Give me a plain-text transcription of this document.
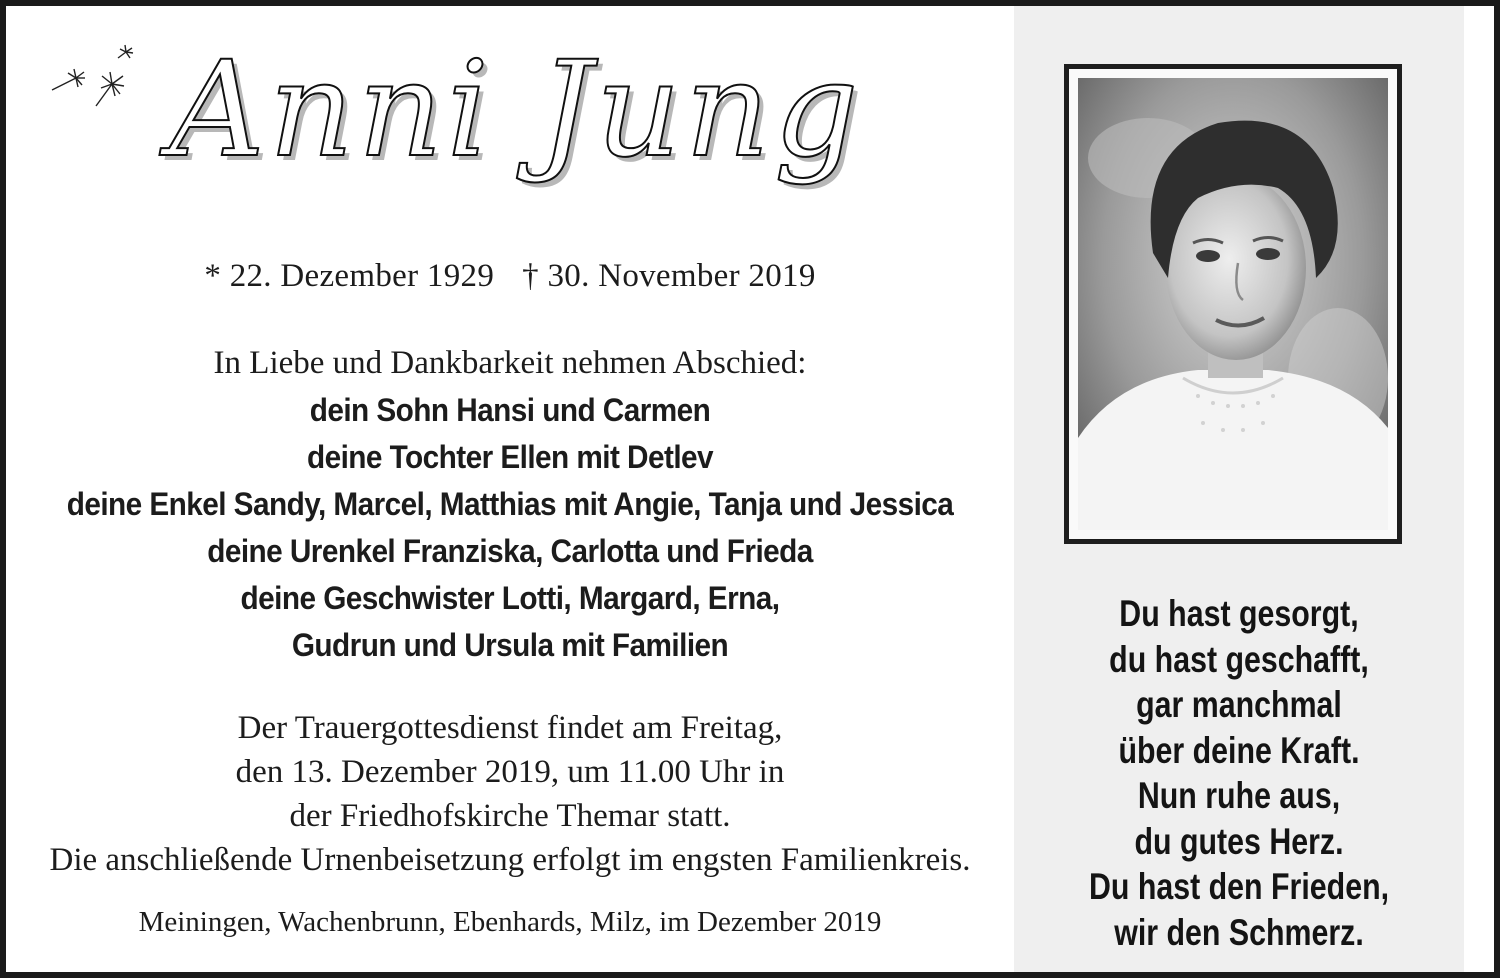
Anni Jung
* 22. Dezember 1929 † 30. November 2019
In Liebe und Dankbarkeit nehmen Abschied:
dein Sohn Hansi und Carmen
deine Tochter Ellen mit Detlev
deine Enkel Sandy, Marcel, Matthias mit Angie, Tanja und Jessica
deine Urenkel Franziska, Carlotta und Frieda
deine Geschwister Lotti, Margard, Erna,
Gudrun und Ursula mit Familien
Der Trauergottesdienst findet am Freitag,
den 13. Dezember 2019, um 11.00 Uhr in
der Friedhofskirche Themar statt.
Die anschließende Urnenbeisetzung erfolgt im engsten Familienkreis.
Meiningen, Wachenbrunn, Ebenhards, Milz, im Dezember 2019
Du hast gesorgt,
du hast geschafft,
gar manchmal
über deine Kraft.
Nun ruhe aus,
du gutes Herz.
Du hast den Frieden,
wir den Schmerz.
